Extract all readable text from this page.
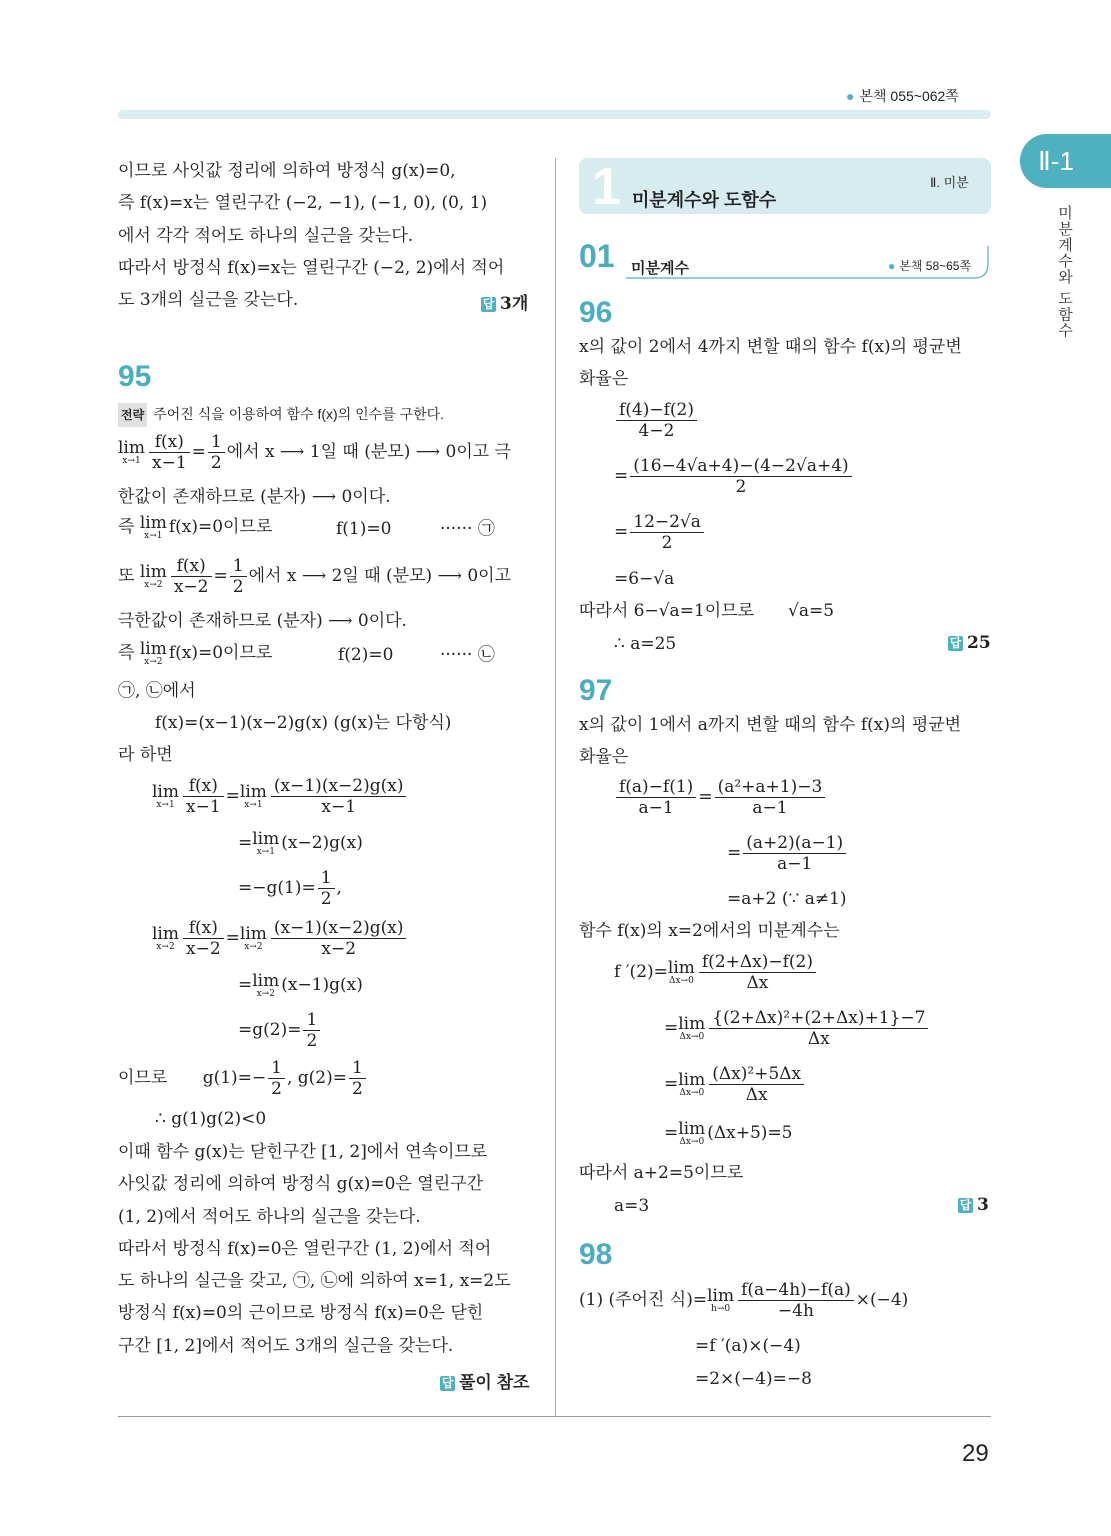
● 본책 055~062쪽
Ⅱ-1
미분계수와 도함수
29
이므로 사잇값 정리에 의하여 방정식 g(x)=0,
즉 f(x)=x는 열린구간 (−2, −1), (−1, 0), (0, 1)
에서 각각 적어도 하나의 실근을 갖는다.
따라서 방정식 f(x)=x는 열린구간 (−2, 2)에서 적어
도 3개의 실근을 갖는다.	답 3개
95
전략 주어진 식을 이용하여 함수 f(x)의 인수를 구한다.
lim
$x\to 1 \frac{f(x)}{x-1} = \frac{1}{2}$ 에서 x ⟶ 1일 때 (분모) ⟶ 0이고 극
한값이 존재하므로 (분자) ⟶ 0이다.
즉 lim
x→1 f(x)=0이므로	f(1)=0	······ ㉠
또 lim
$x\to 2 \frac{f(x)}{x-2} = \frac{1}{2}$ 에서 x ⟶ 2일 때 (분모) ⟶ 0이고
극한값이 존재하므로 (분자) ⟶ 0이다.
즉 lim
x→2 f(x)=0이므로	f(2)=0	······ ㉡
㉠, ㉡에서
f(x)=(x−1)(x−2)g(x) (g(x)는 다항식)
라 하면
lim
$x\to 1 \frac{f(x)}{x-1} = \lim$
$x\to 1 \frac{(x-1)(x-2)g(x)}{x-1}$
= lim
x→1 (x−2)g(x)
$=-g(1)= \frac{1}{2}$ ,
lim
$x\to 2 \frac{f(x)}{x-2} = \lim$
$x\to 2 \frac{(x-1)(x-2)g(x)}{x-2}$
= lim
x→2 (x−1)g(x)
$=g(2)= \frac{1}{2}$
이므로 $g(1)=- \frac{1}{2}$ , $g(2)= \frac{1}{2}$
∴ g(1)g(2)<0
이때 함수 g(x)는 닫힌구간 [1, 2]에서 연속이므로
사잇값 정리에 의하여 방정식 g(x)=0은 열린구간
(1, 2)에서 적어도 하나의 실근을 갖는다.
따라서 방정식 f(x)=0은 열린구간 (1, 2)에서 적어
도 하나의 실근을 갖고, ㉠, ㉡에 의하여 x=1, x=2도
방정식 f(x)=0의 근이므로 방정식 f(x)=0은 닫힌
구간 [1, 2]에서 적어도 3개의 실근을 갖는다.
답 풀이 참조
1 미분계수와 도함수
Ⅱ. 미분
01 미분계수	● 본책 58~65쪽
96
x의 값이 2에서 4까지 변할 때의 함수 f(x)의 평균변
화율은
$\frac{f(4)-f(2)}{4-2}$
= $\frac{(16-4√a+4)-(4-2√a+4)}{2}$
= $\frac{12-2√a}{2}$
=6−√a
따라서 6−√a=1이므로 √a=5
∴ a=25	답 25
97
x의 값이 1에서 a까지 변할 때의 함수 f(x)의 평균변
화율은
$\frac{f(a)-f(1)}{a-1} = \frac{\text{(a²+a+1)−3}}{a-1}$
= $\frac{(a+2)(a-1)}{a-1}$
=a+2 (∵ a≠1)
함수 f(x)의 x=2에서의 미분계수는
f ′(2)= lim
$\Delta x\to 0 \frac{f(2+\Delta x)-f(2)}{\Delta x}$
= lim
$\Delta x\to 0 \frac{\text{\{(2+Δx)²+(2+Δx)+1\}−7}}{\Delta x}$
= lim
$\Delta x\to 0 \frac{\text{(Δx)²+5Δx}}{\Delta x}$
= lim
Δx→0 (Δx+5)=5
따라서 a+2=5이므로
a=3	답 3
98
(1) (주어진 식)= lim
$h\to 0 \frac{f(a-4h)-f(a)}{-4h} \times(-4)$
=f ′(a)×(−4)
=2×(−4)=−8
